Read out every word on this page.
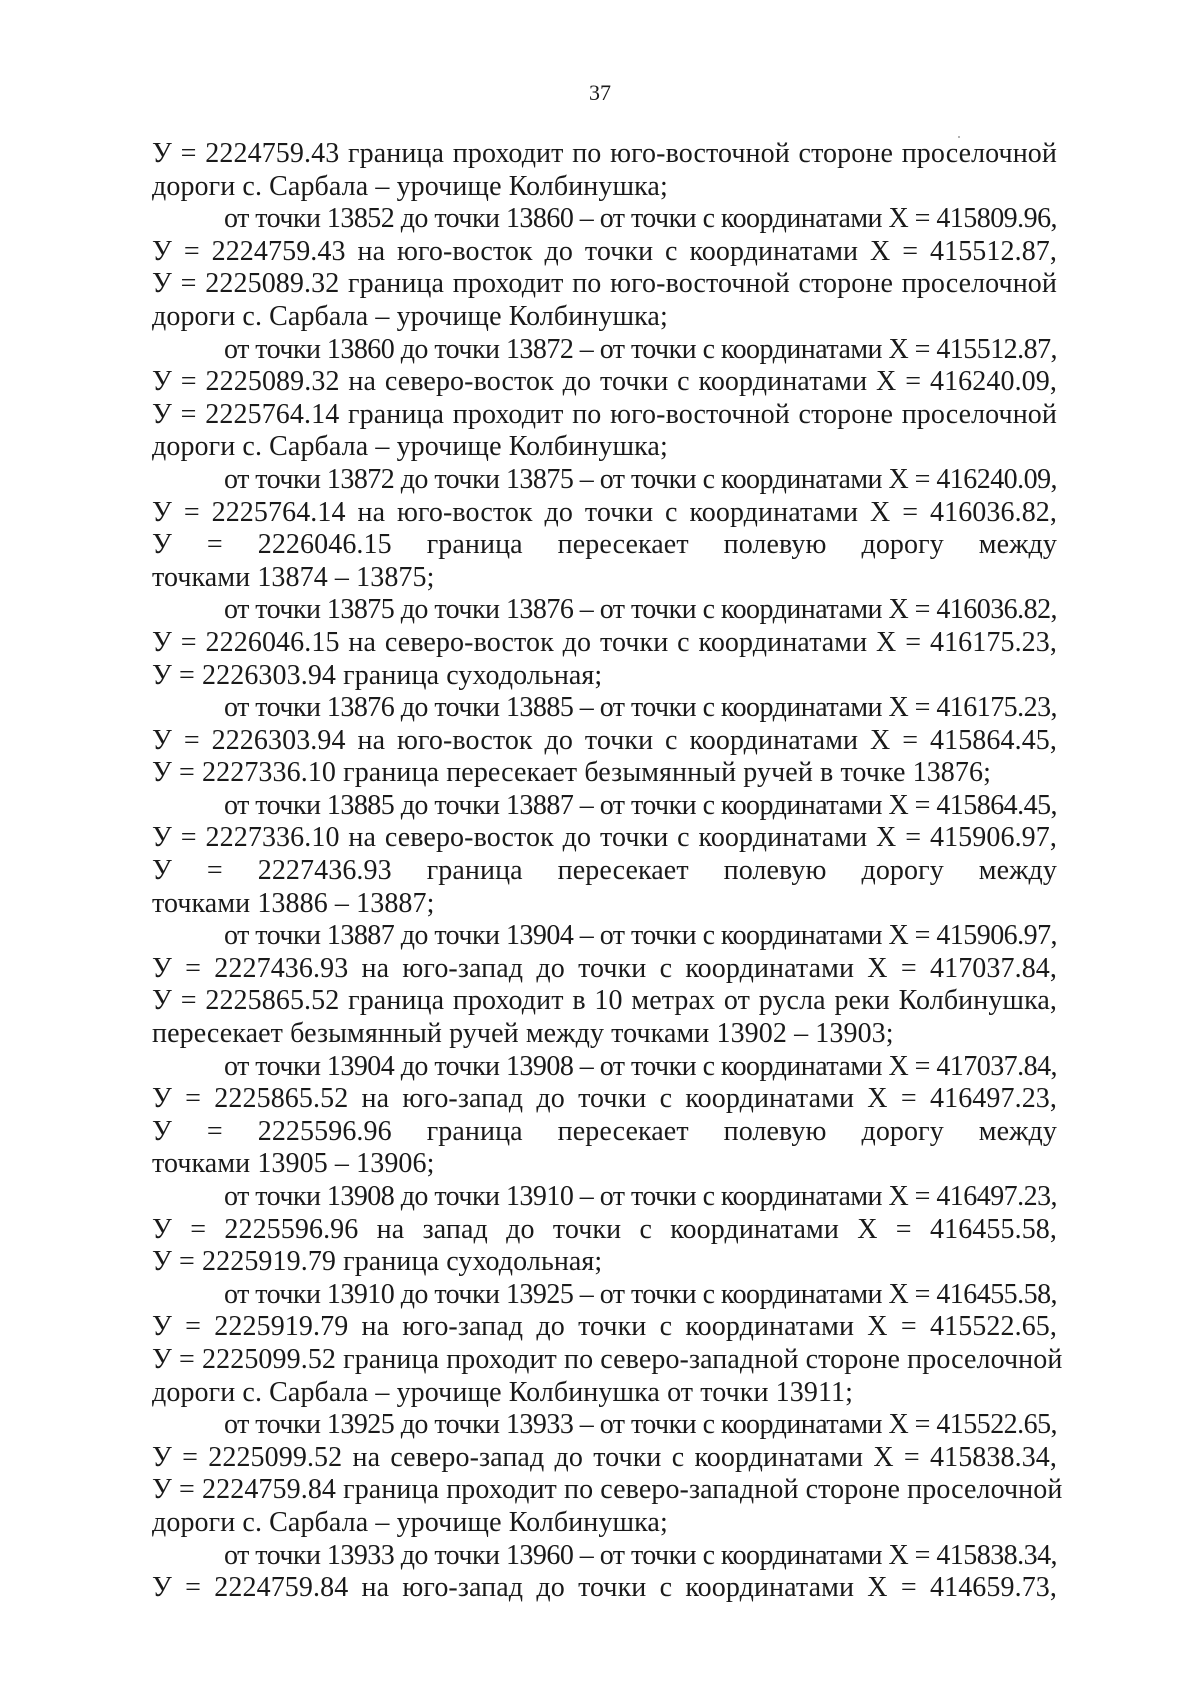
37
У = 2224759.43 граница проходит по юго-восточной стороне проселочной
дороги с. Сарбала – урочище Колбинушка;
от точки 13852 до точки 13860 – от точки с координатами Х = 415809.96,
У = 2224759.43 на юго-восток до точки с координатами Х = 415512.87,
У = 2225089.32 граница проходит по юго-восточной стороне проселочной
дороги с. Сарбала – урочище Колбинушка;
от точки 13860 до точки 13872 – от точки с координатами Х = 415512.87,
У = 2225089.32 на северо-восток до точки с координатами Х = 416240.09,
У = 2225764.14 граница проходит по юго-восточной стороне проселочной
дороги с. Сарбала – урочище Колбинушка;
от точки 13872 до точки 13875 – от точки с координатами Х = 416240.09,
У = 2225764.14 на юго-восток до точки с координатами Х = 416036.82,
У = 2226046.15 граница пересекает полевую дорогу между
точками 13874 – 13875;
от точки 13875 до точки 13876 – от точки с координатами Х = 416036.82,
У = 2226046.15 на северо-восток до точки с координатами Х = 416175.23,
У = 2226303.94 граница суходольная;
от точки 13876 до точки 13885 – от точки с координатами Х = 416175.23,
У = 2226303.94 на юго-восток до точки с координатами Х = 415864.45,
У = 2227336.10 граница пересекает безымянный ручей в точке 13876;
от точки 13885 до точки 13887 – от точки с координатами Х = 415864.45,
У = 2227336.10 на северо-восток до точки с координатами Х = 415906.97,
У = 2227436.93 граница пересекает полевую дорогу между
точками 13886 – 13887;
от точки 13887 до точки 13904 – от точки с координатами Х = 415906.97,
У = 2227436.93 на юго-запад до точки с координатами Х = 417037.84,
У = 2225865.52 граница проходит в 10 метрах от русла реки Колбинушка,
пересекает безымянный ручей между точками 13902 – 13903;
от точки 13904 до точки 13908 – от точки с координатами Х = 417037.84,
У = 2225865.52 на юго-запад до точки с координатами Х = 416497.23,
У = 2225596.96 граница пересекает полевую дорогу между
точками 13905 – 13906;
от точки 13908 до точки 13910 – от точки с координатами Х = 416497.23,
У = 2225596.96 на запад до точки с координатами Х = 416455.58,
У = 2225919.79 граница суходольная;
от точки 13910 до точки 13925 – от точки с координатами Х = 416455.58,
У = 2225919.79 на юго-запад до точки с координатами Х = 415522.65,
У = 2225099.52 граница проходит по северо-западной стороне проселочной
дороги с. Сарбала – урочище Колбинушка от точки 13911;
от точки 13925 до точки 13933 – от точки с координатами Х = 415522.65,
У = 2225099.52 на северо-запад до точки с координатами Х = 415838.34,
У = 2224759.84 граница проходит по северо-западной стороне проселочной
дороги с. Сарбала – урочище Колбинушка;
от точки 13933 до точки 13960 – от точки с координатами Х = 415838.34,
У = 2224759.84 на юго-запад до точки с координатами Х = 414659.73,
